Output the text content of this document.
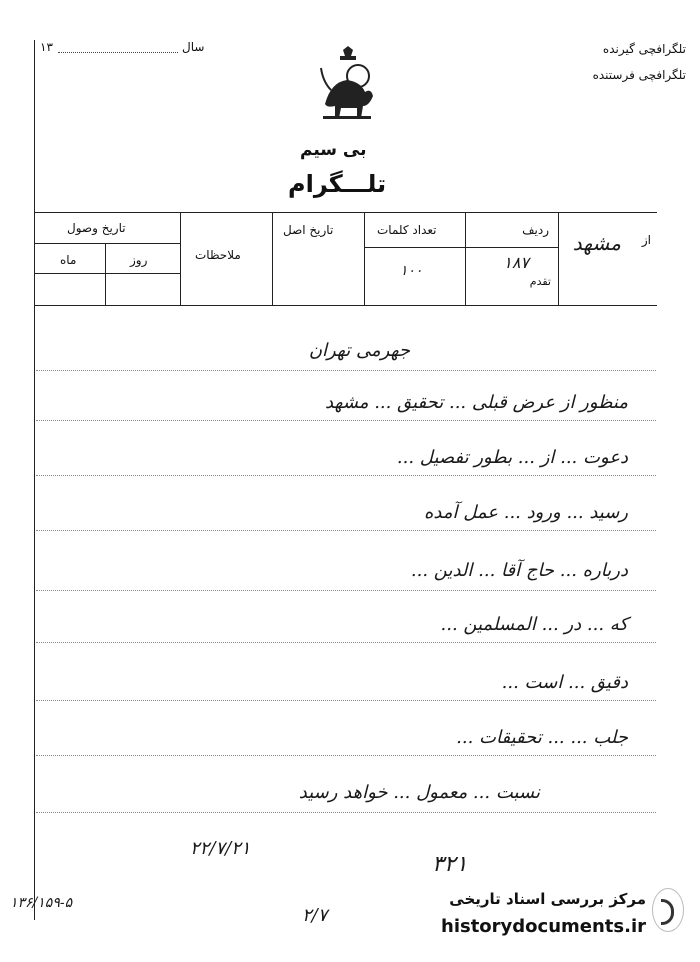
۱۳	سال	تلگرافچی گیرنده
تلگرافچی فرستنده
بی سیم
تلـــگرام
از
مشهد
ردیف
۱۸۷
تقدم
تعداد کلمات
۱۰۰
تاریخ اصل
ملاحظات
تاریخ وصول
روز
ماه
جهرمی تهران
منظور از عرض قبلی ... تحقیق ... مشهد
دعوت ... از ... بطور تفصیل ...
رسید ... ورود ... عمل آمده
درباره ... حاج آقا ... الدین ...
که ... در ... المسلمین ...
دقیق ... است ...
جلب ... ... تحقیقات ...
نسبت ... معمول ... خواهد رسید
۲۲/۷/۲۱
۳۲۱
۱۳۶/۱۵۹-۵
۲/۷
مرکز بررسی اسناد تاریخی
historydocuments.ir
